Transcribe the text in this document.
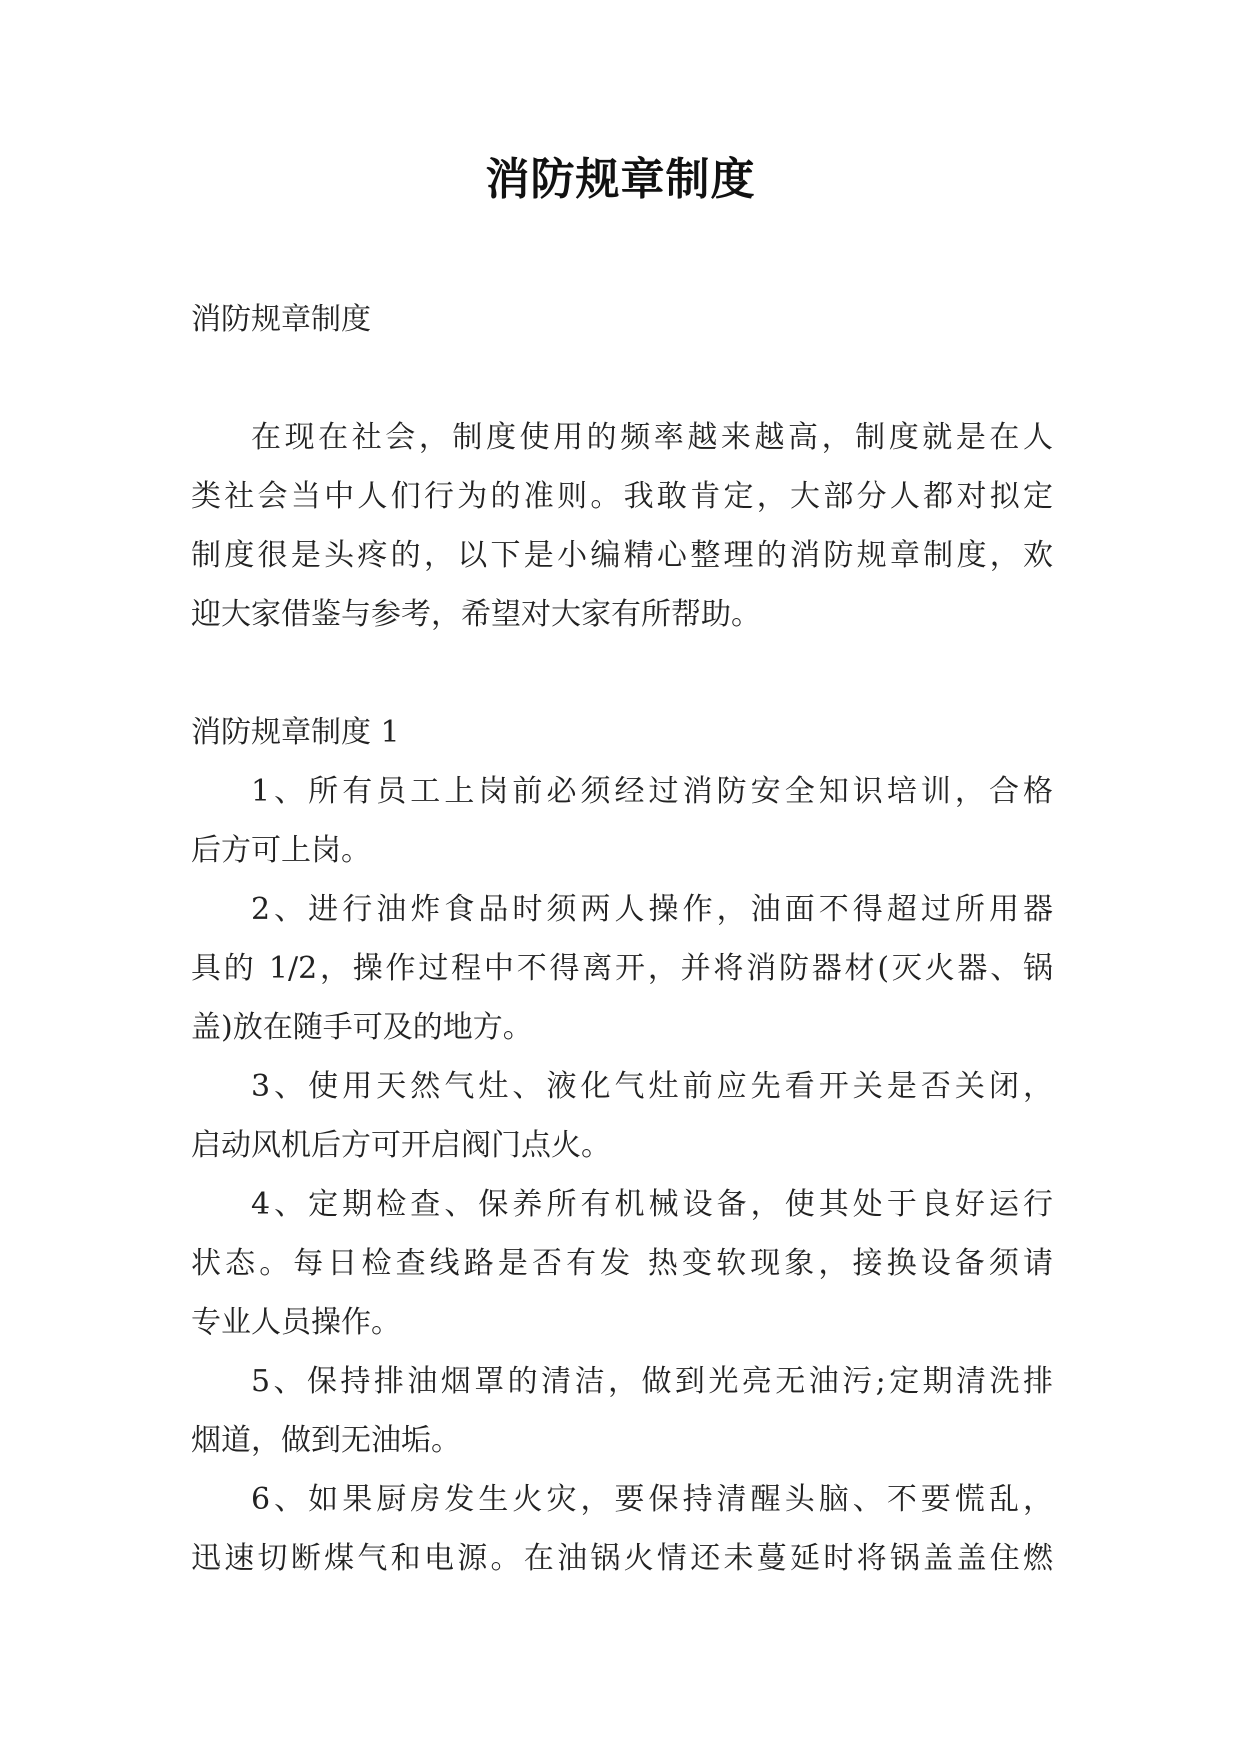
消防规章制度
消防规章制度
在现在社会，制度使用的频率越来越高，制度就是在人
类社会当中人们行为的准则。我敢肯定，大部分人都对拟定
制度很是头疼的，以下是小编精心整理的消防规章制度，欢
迎大家借鉴与参考，希望对大家有所帮助。
消防规章制度 1
1、所有员工上岗前必须经过消防安全知识培训，合格
后方可上岗。
2、进行油炸食品时须两人操作，油面不得超过所用器
具的 1/2，操作过程中不得离开，并将消防器材(灭火器、锅
盖)放在随手可及的地方。
3、使用天然气灶、液化气灶前应先看开关是否关闭，
启动风机后方可开启阀门点火。
4、定期检查、保养所有机械设备，使其处于良好运行
状态。每日检查线路是否有发 热变软现象，接换设备须请
专业人员操作。
5、保持排油烟罩的清洁，做到光亮无油污;定期清洗排
烟道，做到无油垢。
6、如果厨房发生火灾，要保持清醒头脑、不要慌乱，
迅速切断煤气和电源。在油锅火情还未蔓延时将锅盖盖住燃
